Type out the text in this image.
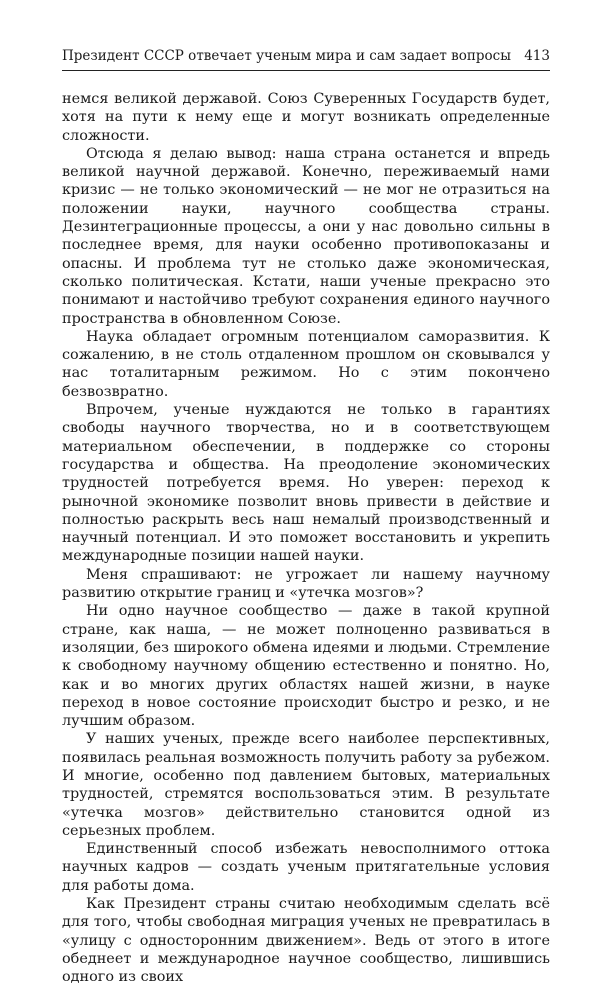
Президент СССР отвечает ученым мира и сам задает вопросы 413

немся великой державой. Союз Суверенных Государств будет, хотя на пути к нему еще и могут возникать определенные сложности.

Отсюда я делаю вывод: наша страна останется и впредь великой научной державой. Конечно, переживаемый нами кризис — не только экономический — не мог не отразиться на положении науки, научного сообщества страны. Дезинтеграционные процессы, а они у нас довольно сильны в последнее время, для науки особенно противопоказаны и опасны. И проблема тут не столько даже экономическая, сколько политическая. Кстати, наши ученые прекрасно это понимают и настойчиво требуют сохранения единого научного пространства в обновленном Союзе.

Наука обладает огромным потенциалом саморазвития. К сожалению, в не столь отдаленном прошлом он сковывался у нас тоталитарным режимом. Но с этим покончено безвозвратно.

Впрочем, ученые нуждаются не только в гарантиях свободы научного творчества, но и в соответствующем материальном обеспечении, в поддержке со стороны государства и общества. На преодоление экономических трудностей потребуется время. Но уверен: переход к рыночной экономике позволит вновь привести в действие и полностью раскрыть весь наш немалый производственный и научный потенциал. И это поможет восстановить и укрепить международные позиции нашей науки.

Меня спрашивают: не угрожает ли нашему научному развитию открытие границ и «утечка мозгов»?

Ни одно научное сообщество — даже в такой крупной стране, как наша, — не может полноценно развиваться в изоляции, без широкого обмена идеями и людьми. Стремление к свободному научному общению естественно и понятно. Но, как и во многих других областях нашей жизни, в науке переход в новое состояние происходит быстро и резко, и не лучшим образом.

У наших ученых, прежде всего наиболее перспективных, появилась реальная возможность получить работу за рубежом. И многие, особенно под давлением бытовых, материальных трудностей, стремятся воспользоваться этим. В результате «утечка мозгов» действительно становится одной из серьезных проблем.

Единственный способ избежать невосполнимого оттока научных кадров — создать ученым притягательные условия для работы дома.

Как Президент страны считаю необходимым сделать всё для того, чтобы свободная миграция ученых не превратилась в «улицу с односторонним движением». Ведь от этого в итоге обеднеет и международное научное сообщество, лишившись одного из своих
